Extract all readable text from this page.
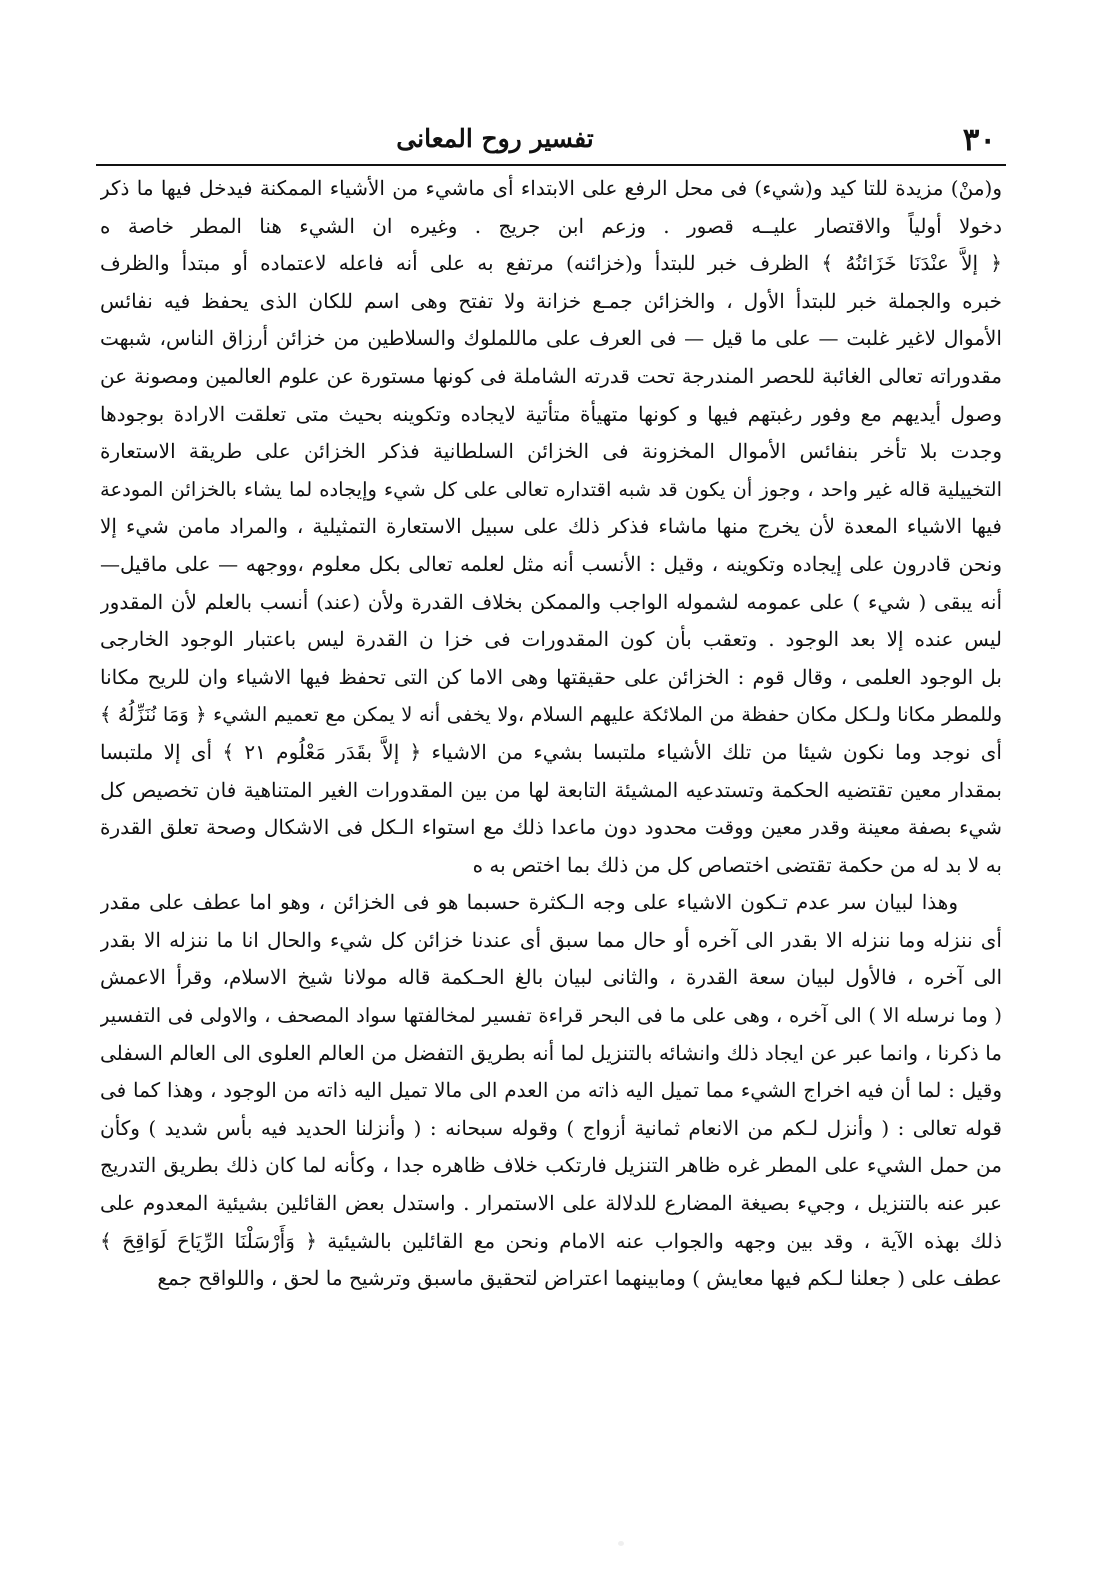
تفسير روح المعانى	٣٠
و(منْ) مزيدة للتا كيد و(شيء) فى محل الرفع على الابتداء أى ماشيء من الأشياء الممكنة فيدخل فيها ما ذكر
دخولا أولياً والاقتصار عليــه قصور . وزعم ابن جريج . وغيره ان الشيء هنا المطر خاصة ه
﴿ إلاَّ عنْدَنَا خَزَائنُهُ ﴾ الظرف خبر للبتدأ و(خزائنه) مرتفع به على أنه فاعله لاعتماده أو مبتدأ والظرف
خبره والجملة خبر للبتدأ الأول ، والخزائن جمـع خزانة ولا تفتح وهى اسم للكان الذى يحفظ فيه نفائس
الأموال لاغير غلبت — على ما قيل — فى العرف على ماللملوك والسلاطين من خزائن أرزاق الناس، شبهت
مقدوراته تعالى الغائبة للحصر المندرجة تحت قدرته الشاملة فى كونها مستورة عن علوم العالمين ومصونة عن
وصول أيديهم مع وفور رغبتهم فيها و كونها متهيأة متأتية لايجاده وتكوينه بحيث متى تعلقت الارادة بوجودها
وجدت بلا تأخر بنفائس الأموال المخزونة فى الخزائن السلطانية فذكر الخزائن على طريقة الاستعارة
التخييلية قاله غير واحد ، وجوز أن يكون قد شبه اقتداره تعالى على كل شيء وإيجاده لما يشاء بالخزائن المودعة
فيها الاشياء المعدة لأن يخرج منها ماشاء فذكر ذلك على سبيل الاستعارة التمثيلية ، والمراد مامن شيء إلا
ونحن قادرون على إيجاده وتكوينه ، وقيل : الأنسب أنه مثل لعلمه تعالى بكل معلوم ،ووجهه — على ماقيل—
أنه يبقى ( شيء ) على عمومه لشموله الواجب والممكن بخلاف القدرة ولأن (عند) أنسب بالعلم لأن المقدور
ليس عنده إلا بعد الوجود . وتعقب بأن كون المقدورات فى خزا ن القدرة ليس باعتبار الوجود الخارجى
بل الوجود العلمى ، وقال قوم : الخزائن على حقيقتها وهى الاما كن التى تحفظ فيها الاشياء وان للريح مكانا
وللمطر مكانا ولـكل مكان حفظة من الملائكة عليهم السلام ،ولا يخفى أنه لا يمكن مع تعميم الشيء ﴿ وَمَا نُنَزِّلُهُ ﴾
أى نوجد وما نكون شيئا من تلك الأشياء ملتبسا بشيء من الاشياء ﴿ إلاَّ بقَدَر مَعْلُوم ٢١ ﴾ أى إلا ملتبسا
بمقدار معين تقتضيه الحكمة وتستدعيه المشيئة التابعة لها من بين المقدورات الغير المتناهية فان تخصيص كل
شيء بصفة معينة وقدر معين ووقت محدود دون ماعدا ذلك مع استواء الـكل فى الاشكال وصحة تعلق القدرة
به لا بد له من حكمة تقتضى اختصاص كل من ذلك بما اختص به ه
وهذا لبيان سر عدم تـكون الاشياء على وجه الـكثرة حسبما هو فى الخزائن ، وهو اما عطف على مقدر
أى ننزله وما ننزله الا بقدر الى آخره أو حال مما سبق أى عندنا خزائن كل شيء والحال انا ما ننزله الا بقدر
الى آخره ، فالأول لبيان سعة القدرة ، والثانى لبيان بالغ الحـكمة قاله مولانا شيخ الاسلام، وقرأ الاعمش
( وما نرسله الا ) الى آخره ، وهى على ما فى البحر قراءة تفسير لمخالفتها سواد المصحف ، والاولى فى التفسير
ما ذكرنا ، وانما عبر عن ايجاد ذلك وانشائه بالتنزيل لما أنه بطريق التفضل من العالم العلوى الى العالم السفلى
وقيل : لما أن فيه اخراج الشيء مما تميل اليه ذاته من العدم الى مالا تميل اليه ذاته من الوجود ، وهذا كما فى
قوله تعالى : ( وأنزل لـكم من الانعام ثمانية أزواج ) وقوله سبحانه : ( وأنزلنا الحديد فيه بأس شديد ) وكأن
من حمل الشيء على المطر غره ظاهر التنزيل فارتكب خلاف ظاهره جدا ، وكأنه لما كان ذلك بطريق التدريج
عبر عنه بالتنزيل ، وجيء بصيغة المضارع للدلالة على الاستمرار . واستدل بعض القائلين بشيئية المعدوم على
ذلك بهذه الآية ، وقد بين وجهه والجواب عنه الامام ونحن مع القائلين بالشيئية ﴿ وَأَرْسَلْنَا الرِّيَاحَ لَوَاقِحَ ﴾
عطف على ( جعلنا لـكم فيها معايش ) ومابينهما اعتراض لتحقيق ماسبق وترشيح ما لحق ، واللواقح جمع
